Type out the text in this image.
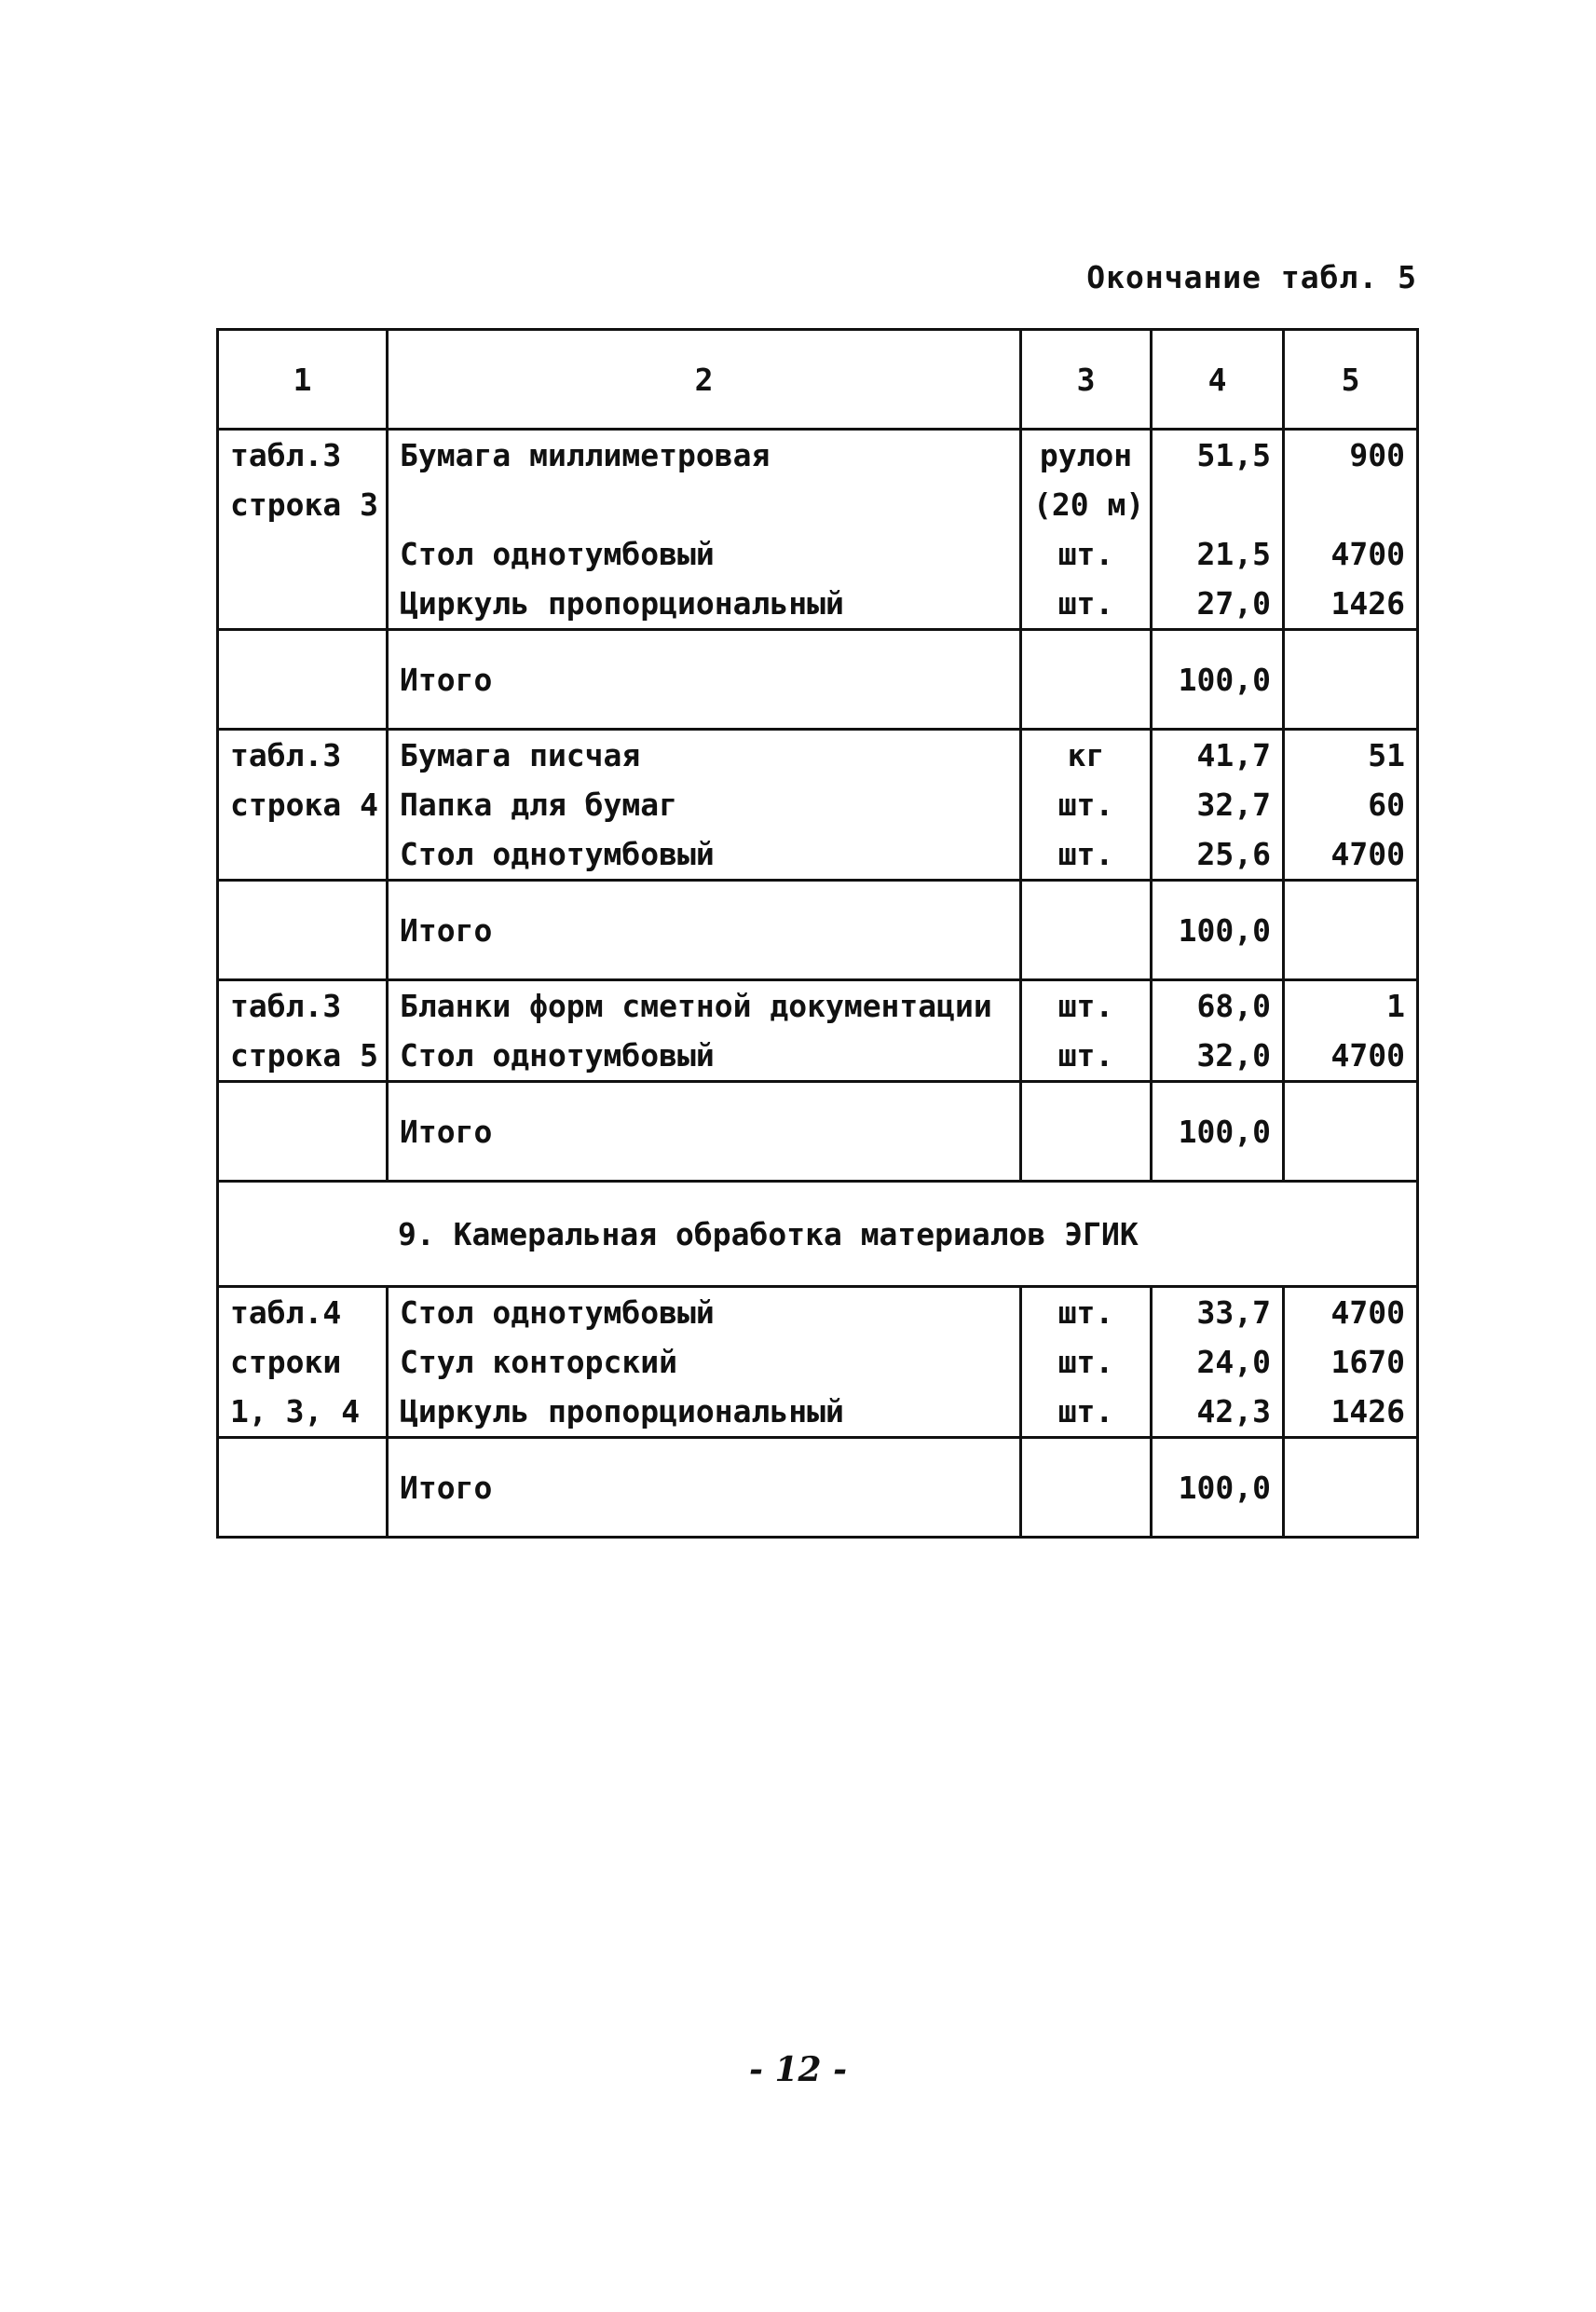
Окончание табл. 5
1	2	3	4	5
табл.3	Бумага миллиметровая	рулон	51,5	900
строка 3		(20 м)		
	Стол однотумбовый	шт.	21,5	4700
	Циркуль пропорциональный	шт.	27,0	1426
	Итого		100,0	
табл.3	Бумага писчая	кг	41,7	51
строка 4	Папка для бумаг	шт.	32,7	60
	Стол однотумбовый	шт.	25,6	4700
	Итого		100,0	
табл.3	Бланки форм сметной документации	шт.	68,0	1
строка 5	Стол однотумбовый	шт.	32,0	4700
	Итого		100,0	
9. Камеральная обработка материалов ЭГИК				
табл.4	Стол однотумбовый	шт.	33,7	4700
строки	Стул конторский	шт.	24,0	1670
1, 3, 4	Циркуль пропорциональный	шт.	42,3	1426
	Итого		100,0	
- 12 -
